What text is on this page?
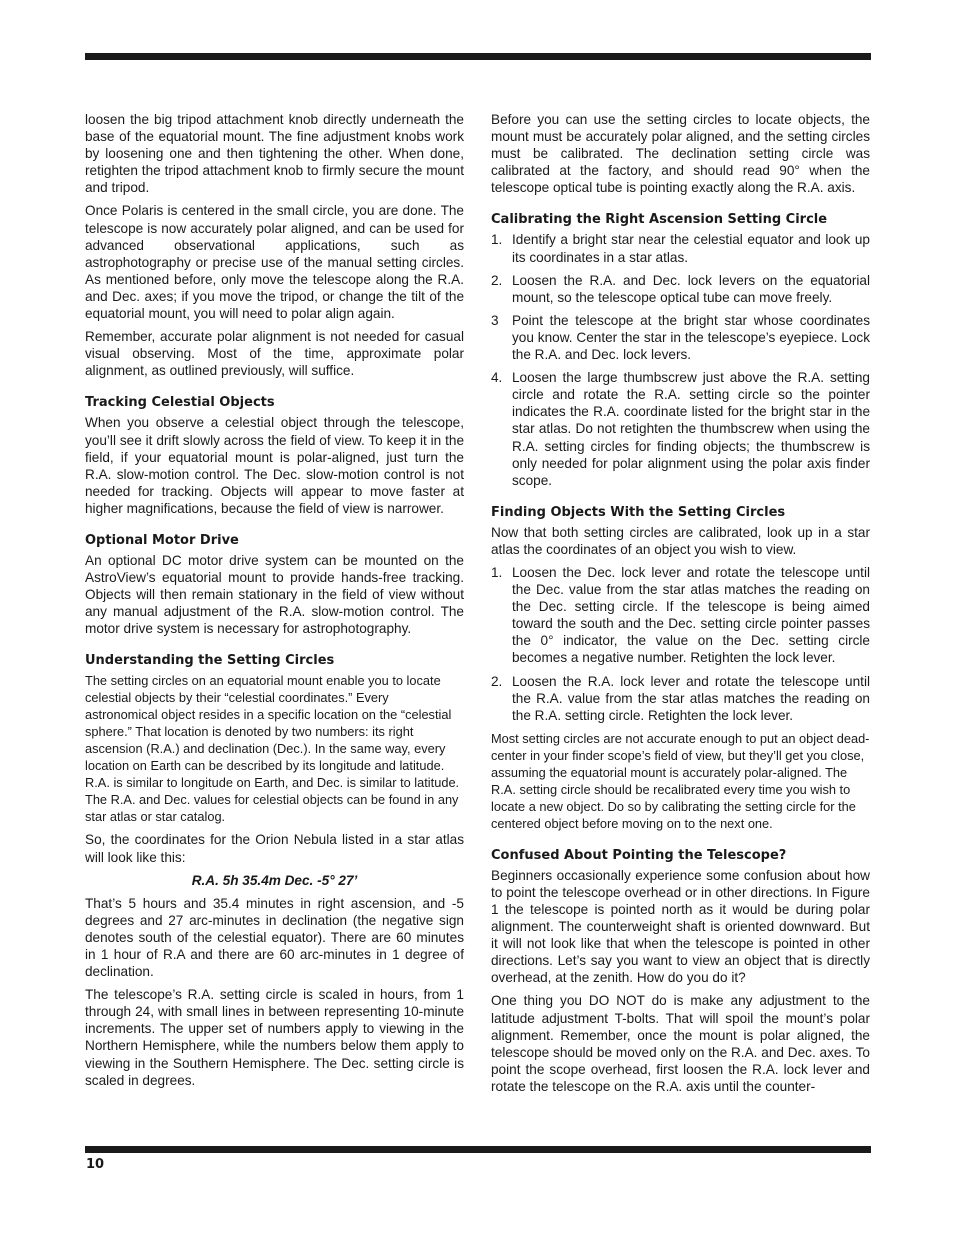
loosen the big tripod attachment knob directly underneath the base of the equatorial mount. The fine adjustment knobs work by loosening one and then tightening the other. When done, retighten the tripod attachment knob to firmly secure the mount and tripod.

Once Polaris is centered in the small circle, you are done. The telescope is now accurately polar aligned, and can be used for advanced observational applications, such as astrophotography or precise use of the manual setting circles. As mentioned before, only move the telescope along the R.A. and Dec. axes; if you move the tripod, or change the tilt of the equatorial mount, you will need to polar align again.

Remember, accurate polar alignment is not needed for casual visual observing. Most of the time, approximate polar alignment, as outlined previously, will suffice.

Tracking Celestial Objects

When you observe a celestial object through the telescope, you’ll see it drift slowly across the field of view. To keep it in the field, if your equatorial mount is polar-aligned, just turn the R.A. slow-motion control. The Dec. slow-motion control is not needed for tracking. Objects will appear to move faster at higher magnifications, because the field of view is narrower.

Optional Motor Drive

An optional DC motor drive system can be mounted on the AstroView’s equatorial mount to provide hands-free tracking. Objects will then remain stationary in the field of view without any manual adjustment of the R.A. slow-motion control. The motor drive system is necessary for astrophotography.

Understanding the Setting Circles

The setting circles on an equatorial mount enable you to locate celestial objects by their “celestial coordinates.” Every astronomical object resides in a specific location on the “celestial sphere.” That location is denoted by two numbers: its right ascension (R.A.) and declination (Dec.). In the same way, every location on Earth can be described by its longitude and latitude. R.A. is similar to longitude on Earth, and Dec. is similar to latitude. The R.A. and Dec. values for celestial objects can be found in any star atlas or star catalog.

So, the coordinates for the Orion Nebula listed in a star atlas will look like this:

R.A. 5h 35.4m Dec. -5° 27’

That’s 5 hours and 35.4 minutes in right ascension, and -5 degrees and 27 arc-minutes in declination (the negative sign denotes south of the celestial equator). There are 60 minutes in 1 hour of R.A and there are 60 arc-minutes in 1 degree of declination.

The telescope’s R.A. setting circle is scaled in hours, from 1 through 24, with small lines in between representing 10-minute increments. The upper set of numbers apply to viewing in the Northern Hemisphere, while the numbers below them apply to viewing in the Southern Hemisphere. The Dec. setting circle is scaled in degrees.

Before you can use the setting circles to locate objects, the mount must be accurately polar aligned, and the setting circles must be calibrated. The declination setting circle was calibrated at the factory, and should read 90° when the telescope optical tube is pointing exactly along the R.A. axis.

Calibrating the Right Ascension Setting Circle
1. Identify a bright star near the celestial equator and look up its coordinates in a star atlas.
2. Loosen the R.A. and Dec. lock levers on the equatorial mount, so the telescope optical tube can move freely.
3 Point the telescope at the bright star whose coordinates you know. Center the star in the telescope’s eyepiece. Lock the R.A. and Dec. lock levers.
4. Loosen the large thumbscrew just above the R.A. setting circle and rotate the R.A. setting circle so the pointer indicates the R.A. coordinate listed for the bright star in the star atlas. Do not retighten the thumbscrew when using the R.A. setting circles for finding objects; the thumbscrew is only needed for polar alignment using the polar axis finder scope.
Finding Objects With the Setting Circles

Now that both setting circles are calibrated, look up in a star atlas the coordinates of an object you wish to view.

1. Loosen the Dec. lock lever and rotate the telescope until the Dec. value from the star atlas matches the reading on the Dec. setting circle. If the telescope is being aimed toward the south and the Dec. setting circle pointer passes the 0° indicator, the value on the Dec. setting circle becomes a negative number. Retighten the lock lever.
2. Loosen the R.A. lock lever and rotate the telescope until the R.A. value from the star atlas matches the reading on the R.A. setting circle. Retighten the lock lever.

Most setting circles are not accurate enough to put an object dead-center in your finder scope’s field of view, but they’ll get you close, assuming the equatorial mount is accurately polar-aligned. The R.A. setting circle should be recalibrated every time you wish to locate a new object. Do so by calibrating the setting circle for the centered object before moving on to the next one.

Confused About Pointing the Telescope?

Beginners occasionally experience some confusion about how to point the telescope overhead or in other directions. In Figure 1 the telescope is pointed north as it would be during polar alignment. The counterweight shaft is oriented downward. But it will not look like that when the telescope is pointed in other directions. Let’s say you want to view an object that is directly overhead, at the zenith. How do you do it?

One thing you DO NOT do is make any adjustment to the latitude adjustment T-bolts. That will spoil the mount’s polar alignment. Remember, once the mount is polar aligned, the telescope should be moved only on the R.A. and Dec. axes. To point the scope overhead, first loosen the R.A. lock lever and rotate the telescope on the R.A. axis until the counter-

10
